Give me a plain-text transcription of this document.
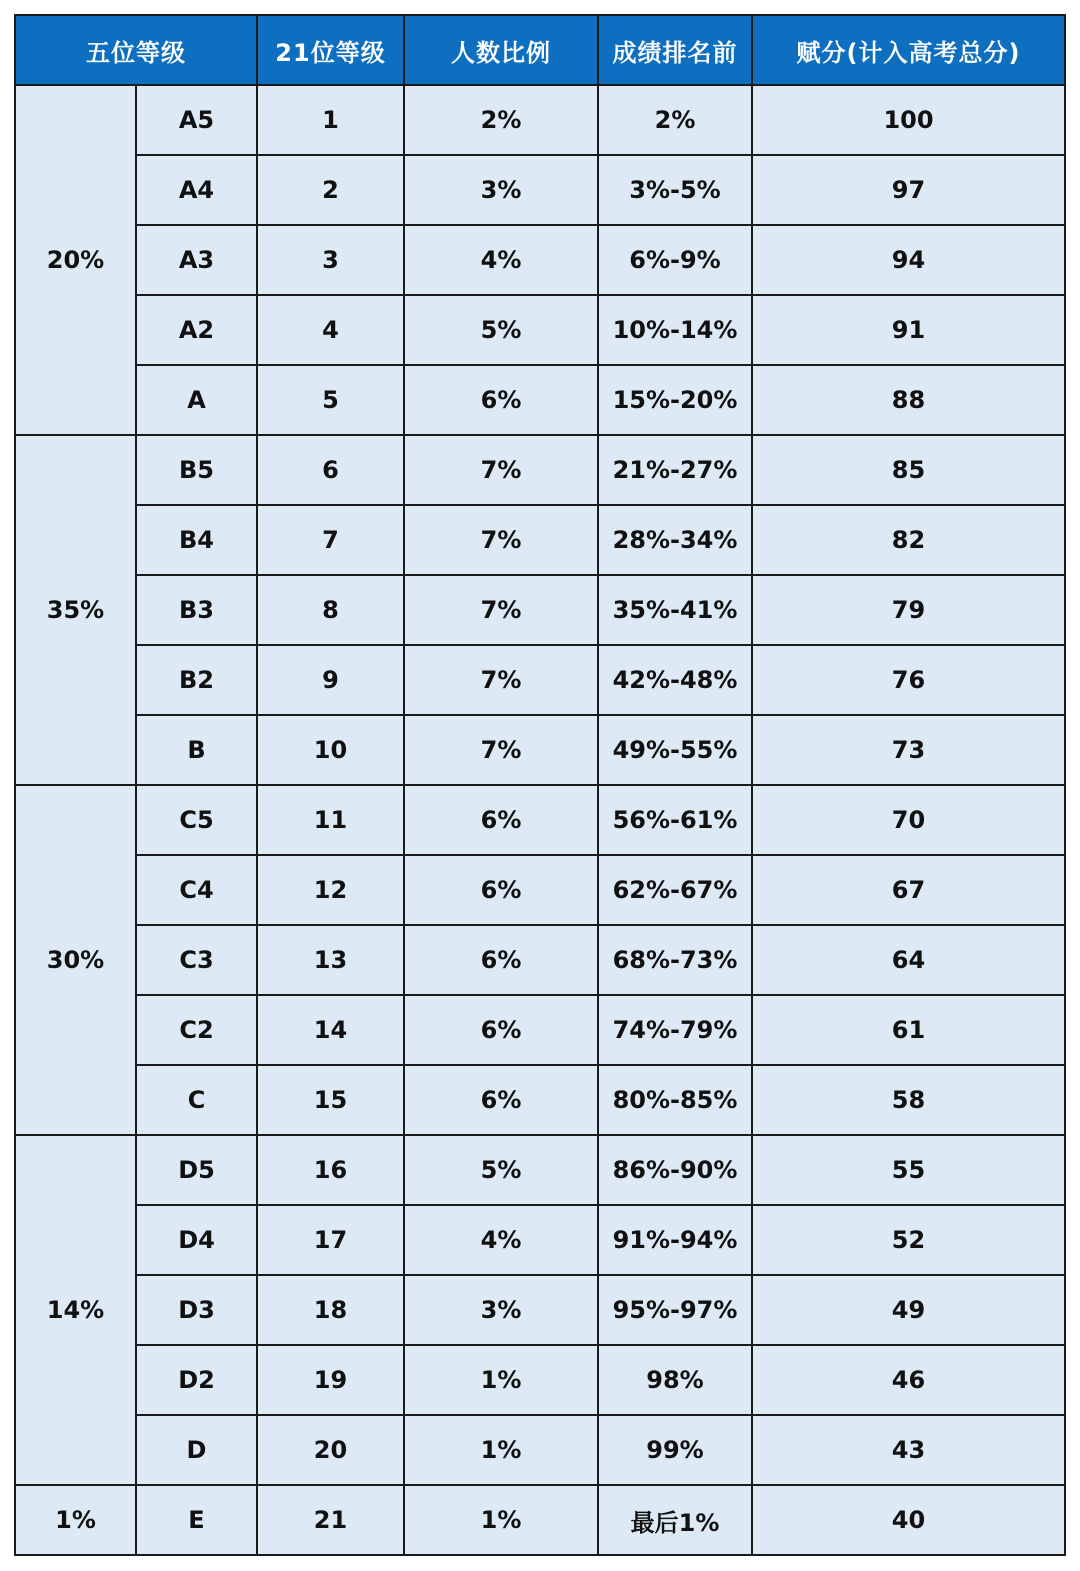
五位等级		21位等级	人数比例	成绩排名前	赋分(计入高考总分)
20%	A5	1	2%	2%	100
	A4	2	3%	3%-5%	97
	A3	3	4%	6%-9%	94
	A2	4	5%	10%-14%	91
	A	5	6%	15%-20%	88
35%	B5	6	7%	21%-27%	85
	B4	7	7%	28%-34%	82
	B3	8	7%	35%-41%	79
	B2	9	7%	42%-48%	76
	B	10	7%	49%-55%	73
30%	C5	11	6%	56%-61%	70
	C4	12	6%	62%-67%	67
	C3	13	6%	68%-73%	64
	C2	14	6%	74%-79%	61
	C	15	6%	80%-85%	58
14%	D5	16	5%	86%-90%	55
	D4	17	4%	91%-94%	52
	D3	18	3%	95%-97%	49
	D2	19	1%	98%	46
	D	20	1%	99%	43
1%	E	21	1%	最后1%	40
